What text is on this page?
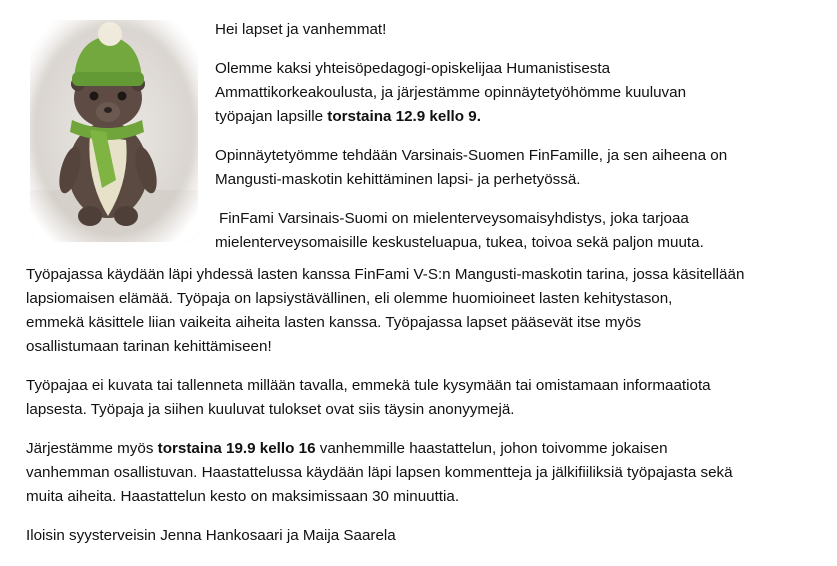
Hei lapset ja vanhemmat!

Olemme kaksi yhteisöpedagogi-opiskelijaa Humanistisesta
Ammattikorkeakoulusta, ja järjestämme opinnäytetyöhömme kuuluvan
työpajan lapsille torstaina 12.9 kello 9.

Opinnäytetyömme tehdään Varsinais-Suomen FinFamille, ja sen aiheena on
Mangusti-maskotin kehittäminen lapsi- ja perhetyössä.

FinFami Varsinais-Suomi on mielenterveysomaisyhdistys, joka tarjoaa
mielenterveysomaisille keskusteluapua, tukea, toivoa sekä paljon muuta.

Työpajassa käydään läpi yhdessä lasten kanssa FinFami V-S:n Mangusti-maskotin tarina, jossa käsitellään
lapsiomaisen elämää. Työpaja on lapsiystävällinen, eli olemme huomioineet lasten kehitystason,
emmekä käsittele liian vaikeita aiheita lasten kanssa. Työpajassa lapset pääsevät itse myös
osallistumaan tarinan kehittämiseen!

Työpajaa ei kuvata tai tallenneta millään tavalla, emmekä tule kysymään tai omistamaan informaatiota
lapsesta. Työpaja ja siihen kuuluvat tulokset ovat siis täysin anonyymejä.

Järjestämme myös torstaina 19.9 kello 16 vanhemmille haastattelun, johon toivomme jokaisen
vanhemman osallistuvan. Haastattelussa käydään läpi lapsen kommentteja ja jälkifiiliksiä työpajasta sekä
muita aiheita. Haastattelun kesto on maksimissaan 30 minuuttia.

Iloisin syysterveisin Jenna Hankosaari ja Maija Saarela
